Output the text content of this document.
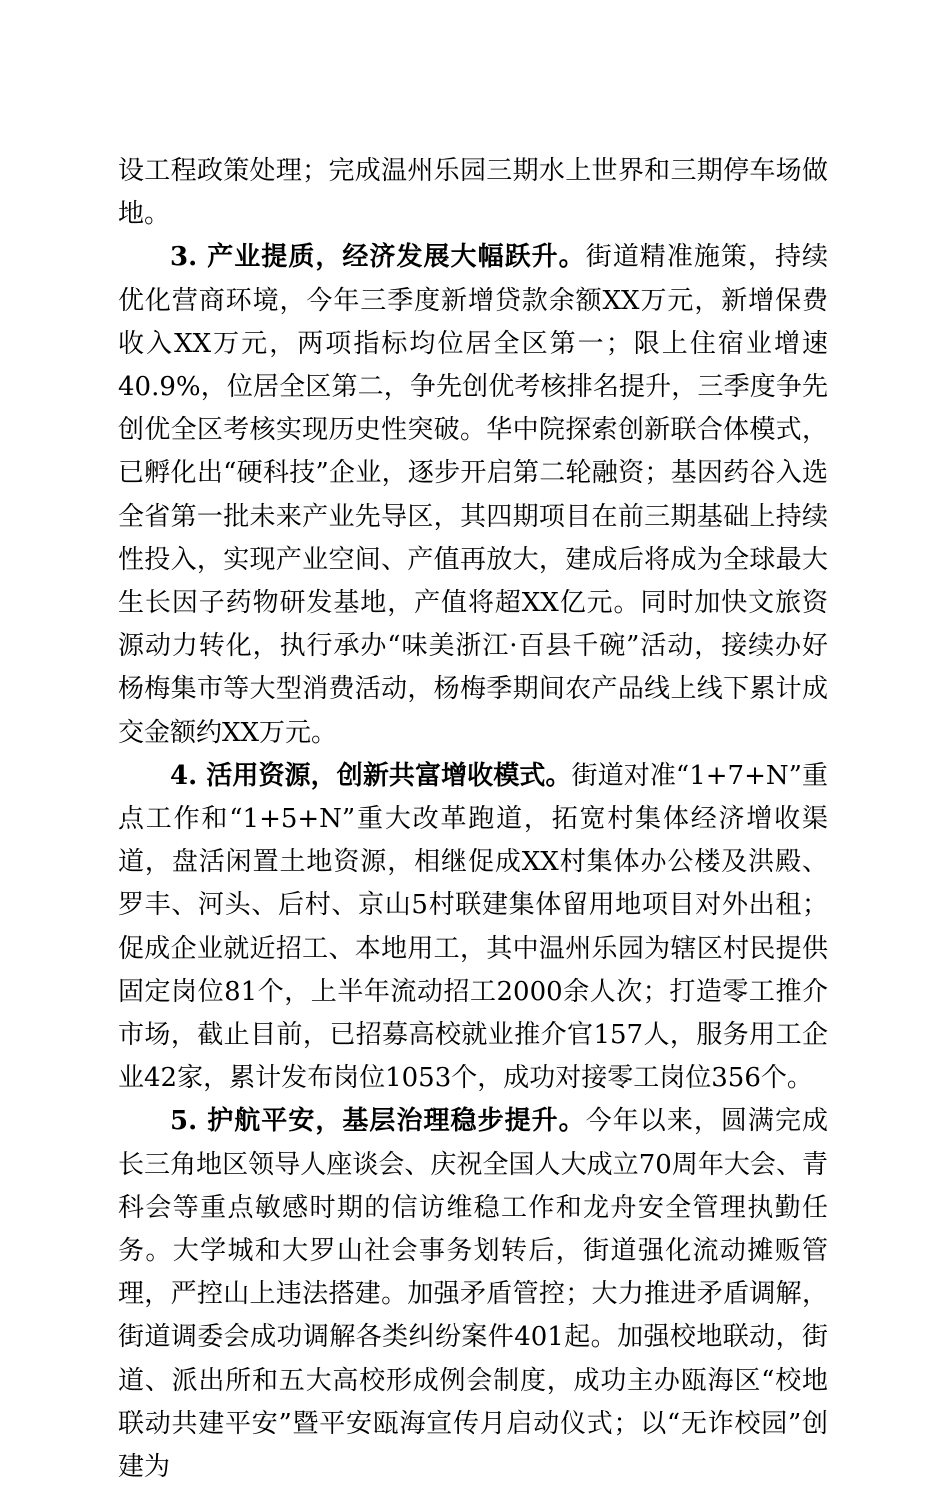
设工程政策处理；完成温州乐园三期水上世界和三期停车场做地。

3. 产业提质，经济发展大幅跃升。街道精准施策，持续优化营商环境，今年三季度新增贷款余额XX万元，新增保费收入XX万元，两项指标均位居全区第一；限上住宿业增速40.9%，位居全区第二，争先创优考核排名提升，三季度争先创优全区考核实现历史性突破。华中院探索创新联合体模式，已孵化出“硬科技”企业，逐步开启第二轮融资；基因药谷入选全省第一批未来产业先导区，其四期项目在前三期基础上持续性投入，实现产业空间、产值再放大，建成后将成为全球最大生长因子药物研发基地，产值将超XX亿元。同时加快文旅资源动力转化，执行承办“味美浙江·百县千碗”活动，接续办好杨梅集市等大型消费活动，杨梅季期间农产品线上线下累计成交金额约XX万元。

4. 活用资源，创新共富增收模式。街道对准“1+7+N”重点工作和“1+5+N”重大改革跑道，拓宽村集体经济增收渠道，盘活闲置土地资源，相继促成XX村集体办公楼及洪殿、罗丰、河头、后村、京山5村联建集体留用地项目对外出租；促成企业就近招工、本地用工，其中温州乐园为辖区村民提供固定岗位81个，上半年流动招工2000余人次；打造零工推介市场，截止目前，已招募高校就业推介官157人，服务用工企业42家，累计发布岗位1053个，成功对接零工岗位356个。

5. 护航平安，基层治理稳步提升。今年以来，圆满完成长三角地区领导人座谈会、庆祝全国人大成立70周年大会、青科会等重点敏感时期的信访维稳工作和龙舟安全管理执勤任务。大学城和大罗山社会事务划转后，街道强化流动摊贩管理，严控山上违法搭建。加强矛盾管控；大力推进矛盾调解，街道调委会成功调解各类纠纷案件401起。加强校地联动，街道、派出所和五大高校形成例会制度，成功主办瓯海区“校地联动共建平安”暨平安瓯海宣传月启动仪式；以“无诈校园”创建为
